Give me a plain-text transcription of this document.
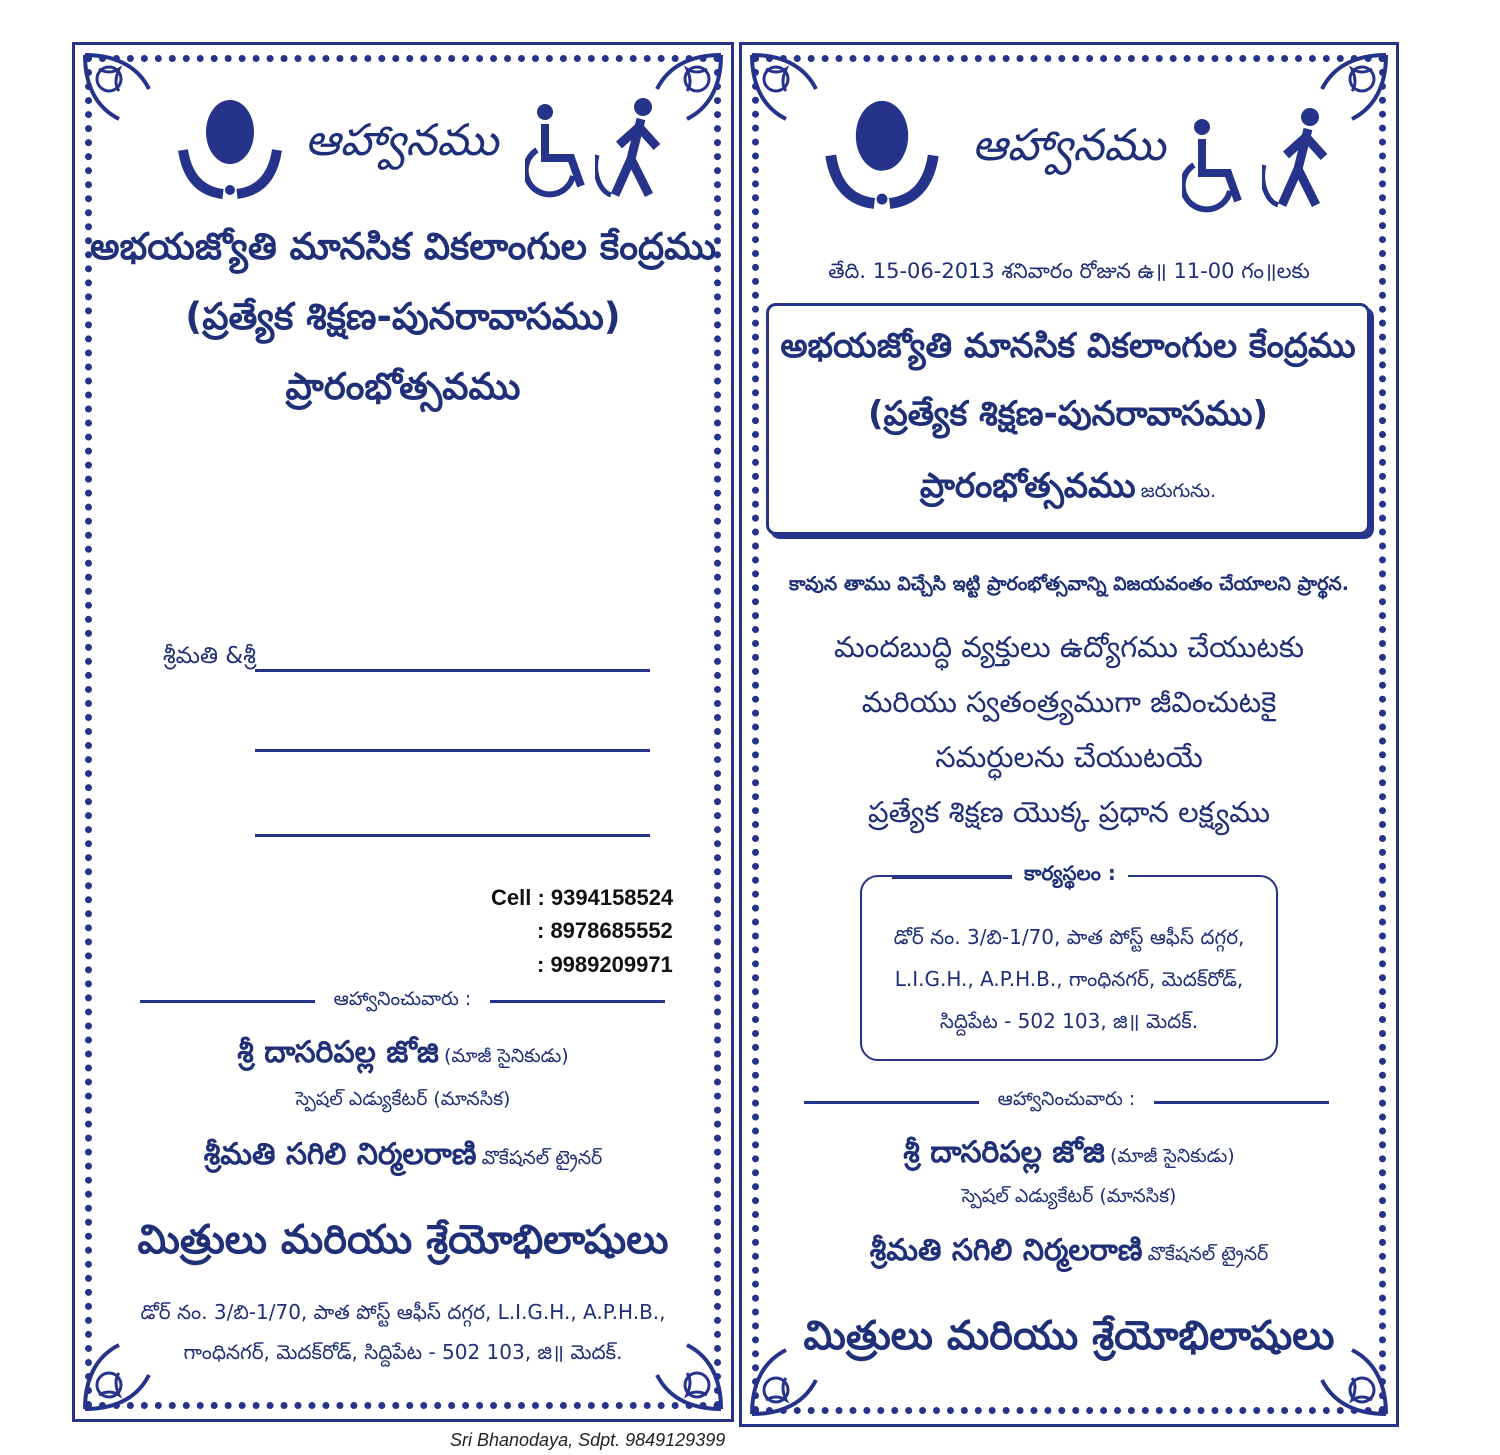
ఆహ్వానము
అభయజ్యోతి మానసిక వికలాంగుల కేంద్రము
(ప్రత్యేక శిక్షణ-పునరావాసము)
ప్రారంభోత్సవము
శ్రీమతి &శ్రీ
Cell : 9394158524
: 8978685552
: 9989209971
ఆహ్వానించువారు :
శ్రీ దాసరిపల్ల జోజి (మాజీ సైనికుడు)
స్పెషల్ ఎడ్యుకేటర్ (మానసిక)
శ్రీమతి సగిలి నిర్మలరాణి వొకేషనల్ ట్రైనర్
మిత్రులు మరియు శ్రేయోభిలాషులు
డోర్ నం. 3/బి-1/70, పాత పోస్ట్ ఆఫీస్ దగ్గర, L.I.G.H., A.P.H.B.,
గాంధినగర్, మెదక్‌రోడ్, సిద్దిపేట - 502 103, జి॥ మెదక్.
ఆహ్వానము
తేది. 15-06-2013 శనివారం రోజున ఉ॥ 11-00 గం॥లకు
అభయజ్యోతి మానసిక వికలాంగుల కేంద్రము
(ప్రత్యేక శిక్షణ-పునరావాసము)
ప్రారంభోత్సవము జరుగును.
కావున తాము విచ్చేసి ఇట్టి ప్రారంభోత్సవాన్ని విజయవంతం చేయాలని ప్రార్థన.
మందబుద్ధి వ్యక్తులు ఉద్యోగము చేయుటకు
మరియు స్వతంత్ర్యముగా జీవించుటకై
సమర్ధులను చేయుటయే
ప్రత్యేక శిక్షణ యొక్క ప్రధాన లక్ష్యము
కార్యస్థలం :
డోర్ నం. 3/బి-1/70, పాత పోస్ట్ ఆఫీస్ దగ్గర,
L.I.G.H., A.P.H.B., గాంధినగర్, మెదక్‌రోడ్,
సిద్దిపేట - 502 103, జి॥ మెదక్.
ఆహ్వానించువారు :
శ్రీ దాసరిపల్ల జోజి (మాజీ సైనికుడు)
స్పెషల్ ఎడ్యుకేటర్ (మానసిక)
శ్రీమతి సగిలి నిర్మలరాణి వొకేషనల్ ట్రైనర్
మిత్రులు మరియు శ్రేయోభిలాషులు
Sri Bhanodaya, Sdpt. 9849129399
